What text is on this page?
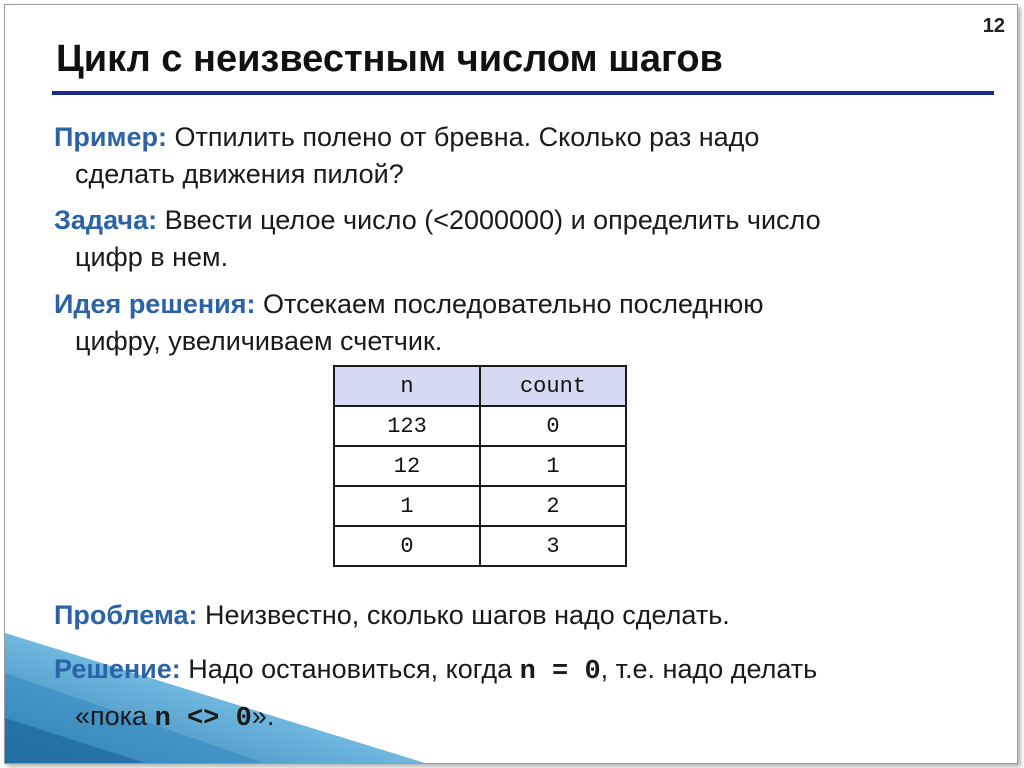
12
Цикл с неизвестным числом шагов
Пример: Отпилить полено от бревна. Сколько раз надо
сделать движения пилой?
Задача: Ввести целое число (<2000000) и определить число
цифр в нем.
Идея решения: Отсекаем последовательно последнюю
цифру, увеличиваем счетчик.
n	count
123	0
12	1
1	2
0	3
Проблема: Неизвестно, сколько шагов надо сделать.
Решение: Надо остановиться, когда n = 0, т.е. надо делать
«пока n <> 0».
